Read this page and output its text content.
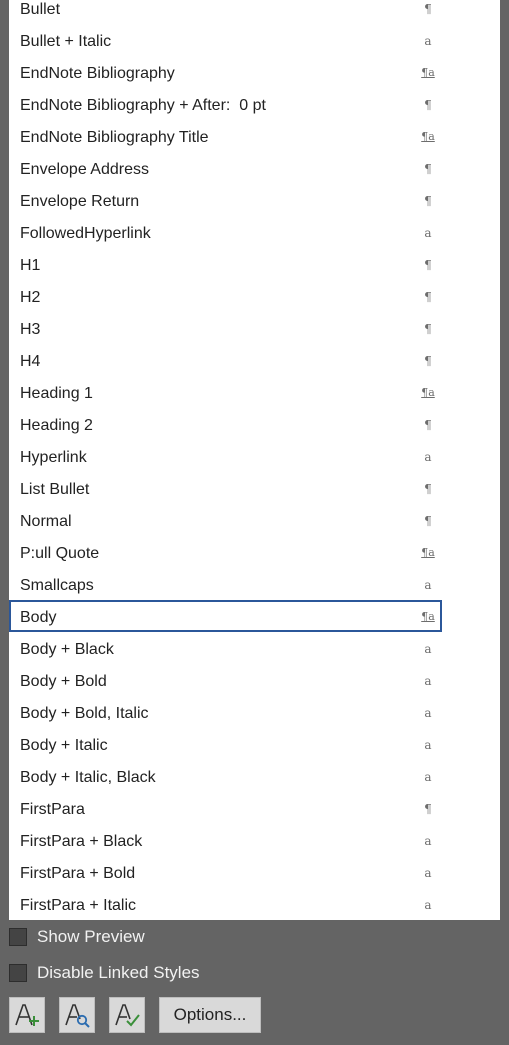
Bullet	¶
Bullet + Italic	a
EndNote Bibliography	¶a
EndNote Bibliography + After:  0 pt	¶
EndNote Bibliography Title	¶a
Envelope Address	¶
Envelope Return	¶
FollowedHyperlink	a
H1	¶
H2	¶
H3	¶
H4	¶
Heading 1	¶a
Heading 2	¶
Hyperlink	a
List Bullet	¶
Normal	¶
P:ull Quote	¶a
Smallcaps	a
Body	¶a
Body + Black	a
Body + Bold	a
Body + Bold, Italic	a
Body + Italic	a
Body + Italic, Black	a
FirstPara	¶
FirstPara + Black	a
FirstPara + Bold	a
FirstPara + Italic	a
Show Preview
Disable Linked Styles
Options...
